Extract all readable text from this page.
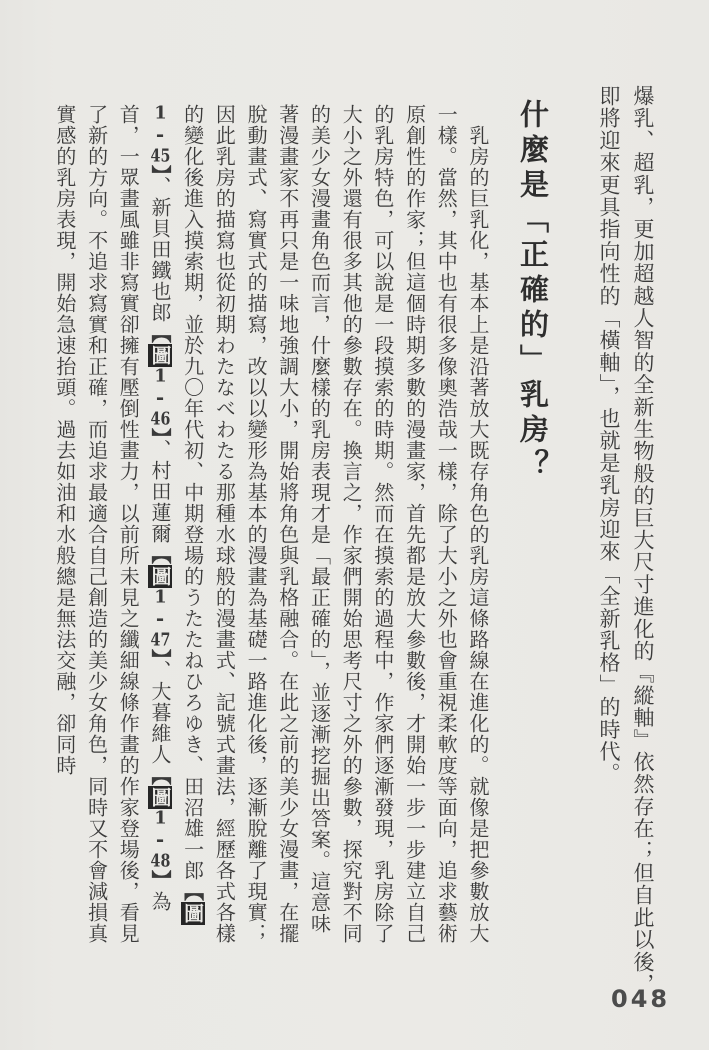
爆乳、超乳，更加超越人智的全新生物般的巨大尺寸進化的『縱軸』依然存在；但自此以後，即將迎來更具指向性的「橫軸」，也就是乳房迎來「全新乳格」的時代。
什麼是「正確的」乳房？
乳房的巨乳化，基本上是沿著放大既存角色的乳房這條路線在進化的。就像是把參數放大一樣。當然，其中也有很多像奧浩哉一樣，除了大小之外也會重視柔軟度等面向，追求藝術原創性的作家；但這個時期多數的漫畫家，首先都是放大參數後，才開始一步一步建立自己的乳房特色，可以說是一段摸索的時期。然而在摸索的過程中，作家們逐漸發現，乳房除了大小之外還有很多其他的參數存在。換言之，作家們開始思考尺寸之外的參數，探究對不同的美少女漫畫角色而言，什麼樣的乳房表現才是「最正確的」，並逐漸挖掘出答案。這意味著漫畫家不再只是一味地強調大小，開始將角色與乳格融合。在此之前的美少女漫畫，在擺脫動畫式、寫實式的描寫，改以以變形為基本的漫畫為基礎一路進化後，逐漸脫離了現實；因此乳房的描寫也從初期わたなべわたる那種水球般的漫畫式、記號式畫法，經歷各式各樣的變化後進入摸索期，並於九〇年代初、中期登場的うたたねひろゆき、田沼雄一郎【圖1-45】、新貝田鐵也郎【圖1-46】、村田蓮爾【圖1-47】、大暮維人【圖1-48】為首，一眾畫風雖非寫實卻擁有壓倒性畫力，以前所未見之纖細線條作畫的作家登場後，看見了新的方向。不追求寫實和正確，而追求最適合自己創造的美少女角色，同時又不會減損真實感的乳房表現，開始急速抬頭。過去如油和水般總是無法交融，卻同時
048
